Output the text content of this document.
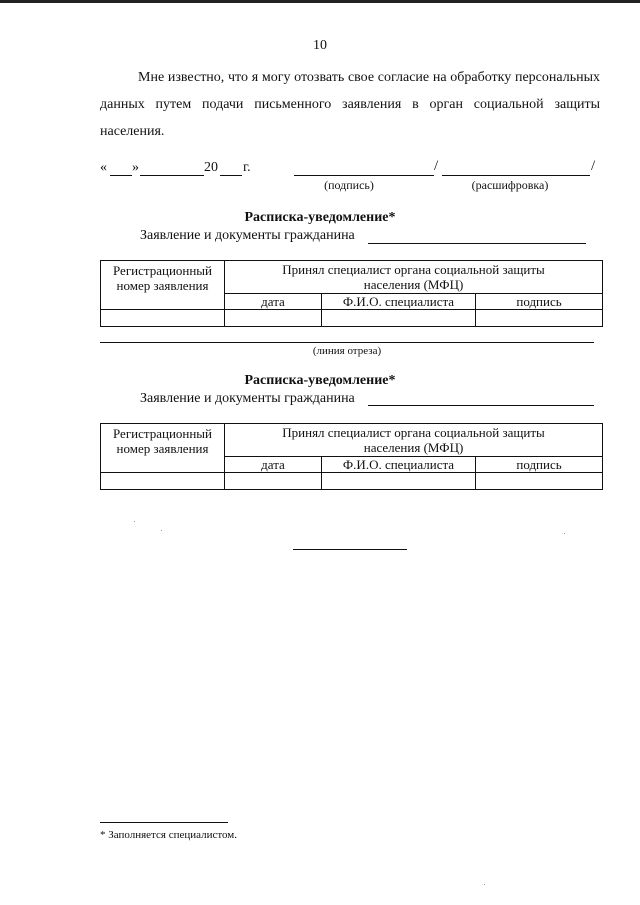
10

Мне известно, что я могу отозвать свое согласие на обработку персональных данных путем подачи письменного заявления в орган социальной защиты населения.

« »	20 г.	/	/
(подпись)	(расшифровка)
Расписка-уведомление*
Заявление и документы гражданина
Регистрационный номер заявления	Принял специалист органа социальной защиты населения (МФЦ)		
	дата	Ф.И.О. специалиста	подпись

(линия отреза)
Расписка-уведомление*
Заявление и документы гражданина
Регистрационный номер заявления	Принял специалист органа социальной защиты населения (МФЦ)		
	дата	Ф.И.О. специалиста	подпись

* Заполняется специалистом.
